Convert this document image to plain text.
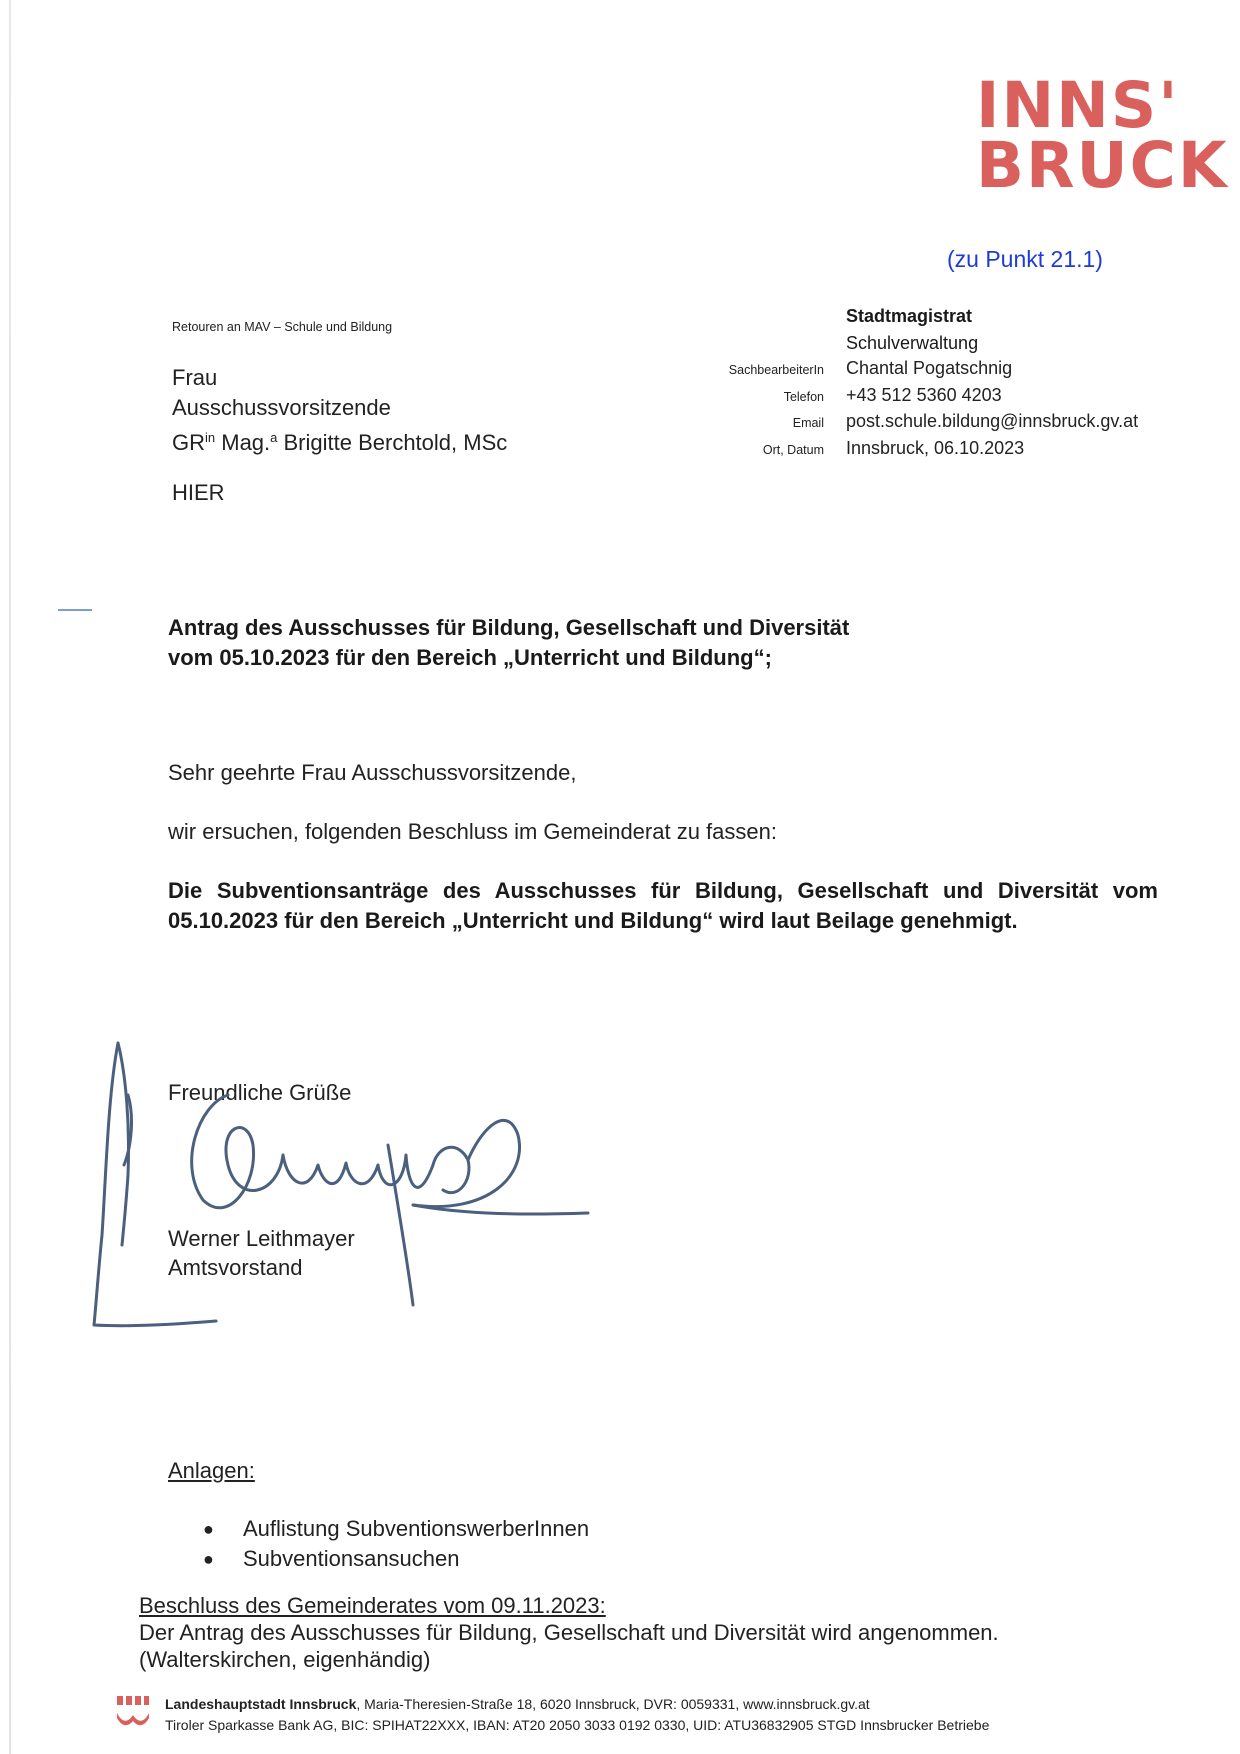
INNS'
BRUCK
(zu Punkt 21.1)
Retouren an MAV – Schule und Bildung
Frau
Ausschussvorsitzende
$GR^{in}$ Mag.$^a$ Brigitte Berchtold, MSc
HIER
Stadtmagistrat
Schulverwaltung
SachbearbeiterIn	Chantal Pogatschnig
Telefon	+43 512 5360 4203
Email	post.schule.bildung@innsbruck.gv.at
Ort, Datum	Innsbruck, 06.10.2023
Antrag des Ausschusses für Bildung, Gesellschaft und Diversität
vom 05.10.2023 für den Bereich „Unterricht und Bildung“;
Sehr geehrte Frau Ausschussvorsitzende,
wir ersuchen, folgenden Beschluss im Gemeinderat zu fassen:
Die Subventionsanträge des Ausschusses für Bildung, Gesellschaft und Diversität vom 05.10.2023 für den Bereich „Unterricht und Bildung“ wird laut Beilage genehmigt.
Freundliche Grüße
Werner Leithmayer
Amtsvorstand
Anlagen:
●	Auflistung SubventionswerberInnen
●	Subventionsansuchen
Beschluss des Gemeinderates vom 09.11.2023:
Der Antrag des Ausschusses für Bildung, Gesellschaft und Diversität wird angenommen.
(Walterskirchen, eigenhändig)
Landeshauptstadt Innsbruck, Maria-Theresien-Straße 18, 6020 Innsbruck, DVR: 0059331, www.innsbruck.gv.at
Tiroler Sparkasse Bank AG, BIC: SPIHAT22XXX, IBAN: AT20 2050 3033 0192 0330, UID: ATU36832905 STGD Innsbrucker Betriebe
